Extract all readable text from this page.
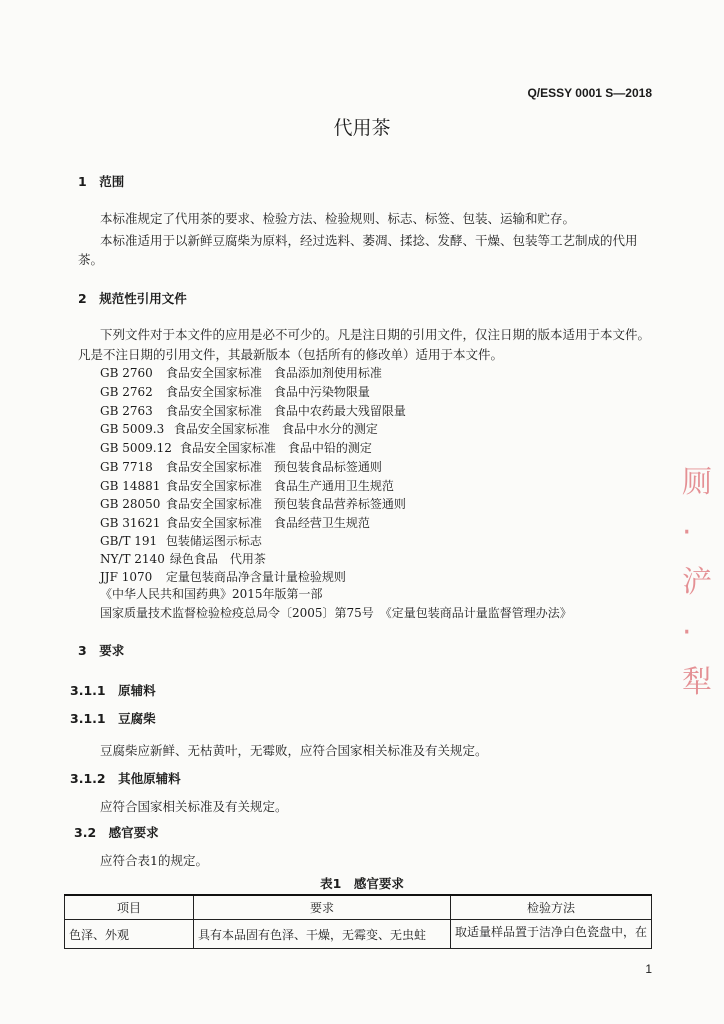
Q/ESSY 0001 S—2018
代用茶
1　范围
本标准规定了代用茶的要求、检验方法、检验规则、标志、标签、包装、运输和贮存。
本标准适用于以新鲜豆腐柴为原料，经过选料、萎凋、揉捻、发酵、干燥、包装等工艺制成的代用
茶。
2　规范性引用文件
下列文件对于本文件的应用是必不可少的。凡是注日期的引用文件，仅注日期的版本适用于本文件。
凡是不注日期的引用文件，其最新版本（包括所有的修改单）适用于本文件。
GB 2760 食品安全国家标准　食品添加剂使用标准
GB 2762 食品安全国家标准　食品中污染物限量
GB 2763 食品安全国家标准　食品中农药最大残留限量
GB 5009.3 食品安全国家标准　食品中水分的测定
GB 5009.12 食品安全国家标准　食品中铅的测定
GB 7718 食品安全国家标准　预包装食品标签通则
GB 14881 食品安全国家标准　食品生产通用卫生规范
GB 28050 食品安全国家标准　预包装食品营养标签通则
GB 31621 食品安全国家标准　食品经营卫生规范
GB/T 191 包装储运图示标志
NY/T 2140 绿色食品　代用茶
JJF 1070 定量包装商品净含量计量检验规则
《中华人民共和国药典》2015年版第一部
国家质量技术监督检验检疫总局令〔2005〕第75号　《定量包装商品计量监督管理办法》
厕 ·浐 ·犁
3　要求
3.1.1　原辅料
3.1.1　豆腐柴
豆腐柴应新鲜、无枯黄叶，无霉败，应符合国家相关标准及有关规定。
3.1.2　其他原辅料
应符合国家相关标准及有关规定。
3.2　感官要求
应符合表1的规定。
表1　感官要求
项目	要求	检验方法
色泽、外观	具有本品固有色泽、干燥，无霉变、无虫蛀	取适量样品置于洁净白色瓷盘中，在
1
